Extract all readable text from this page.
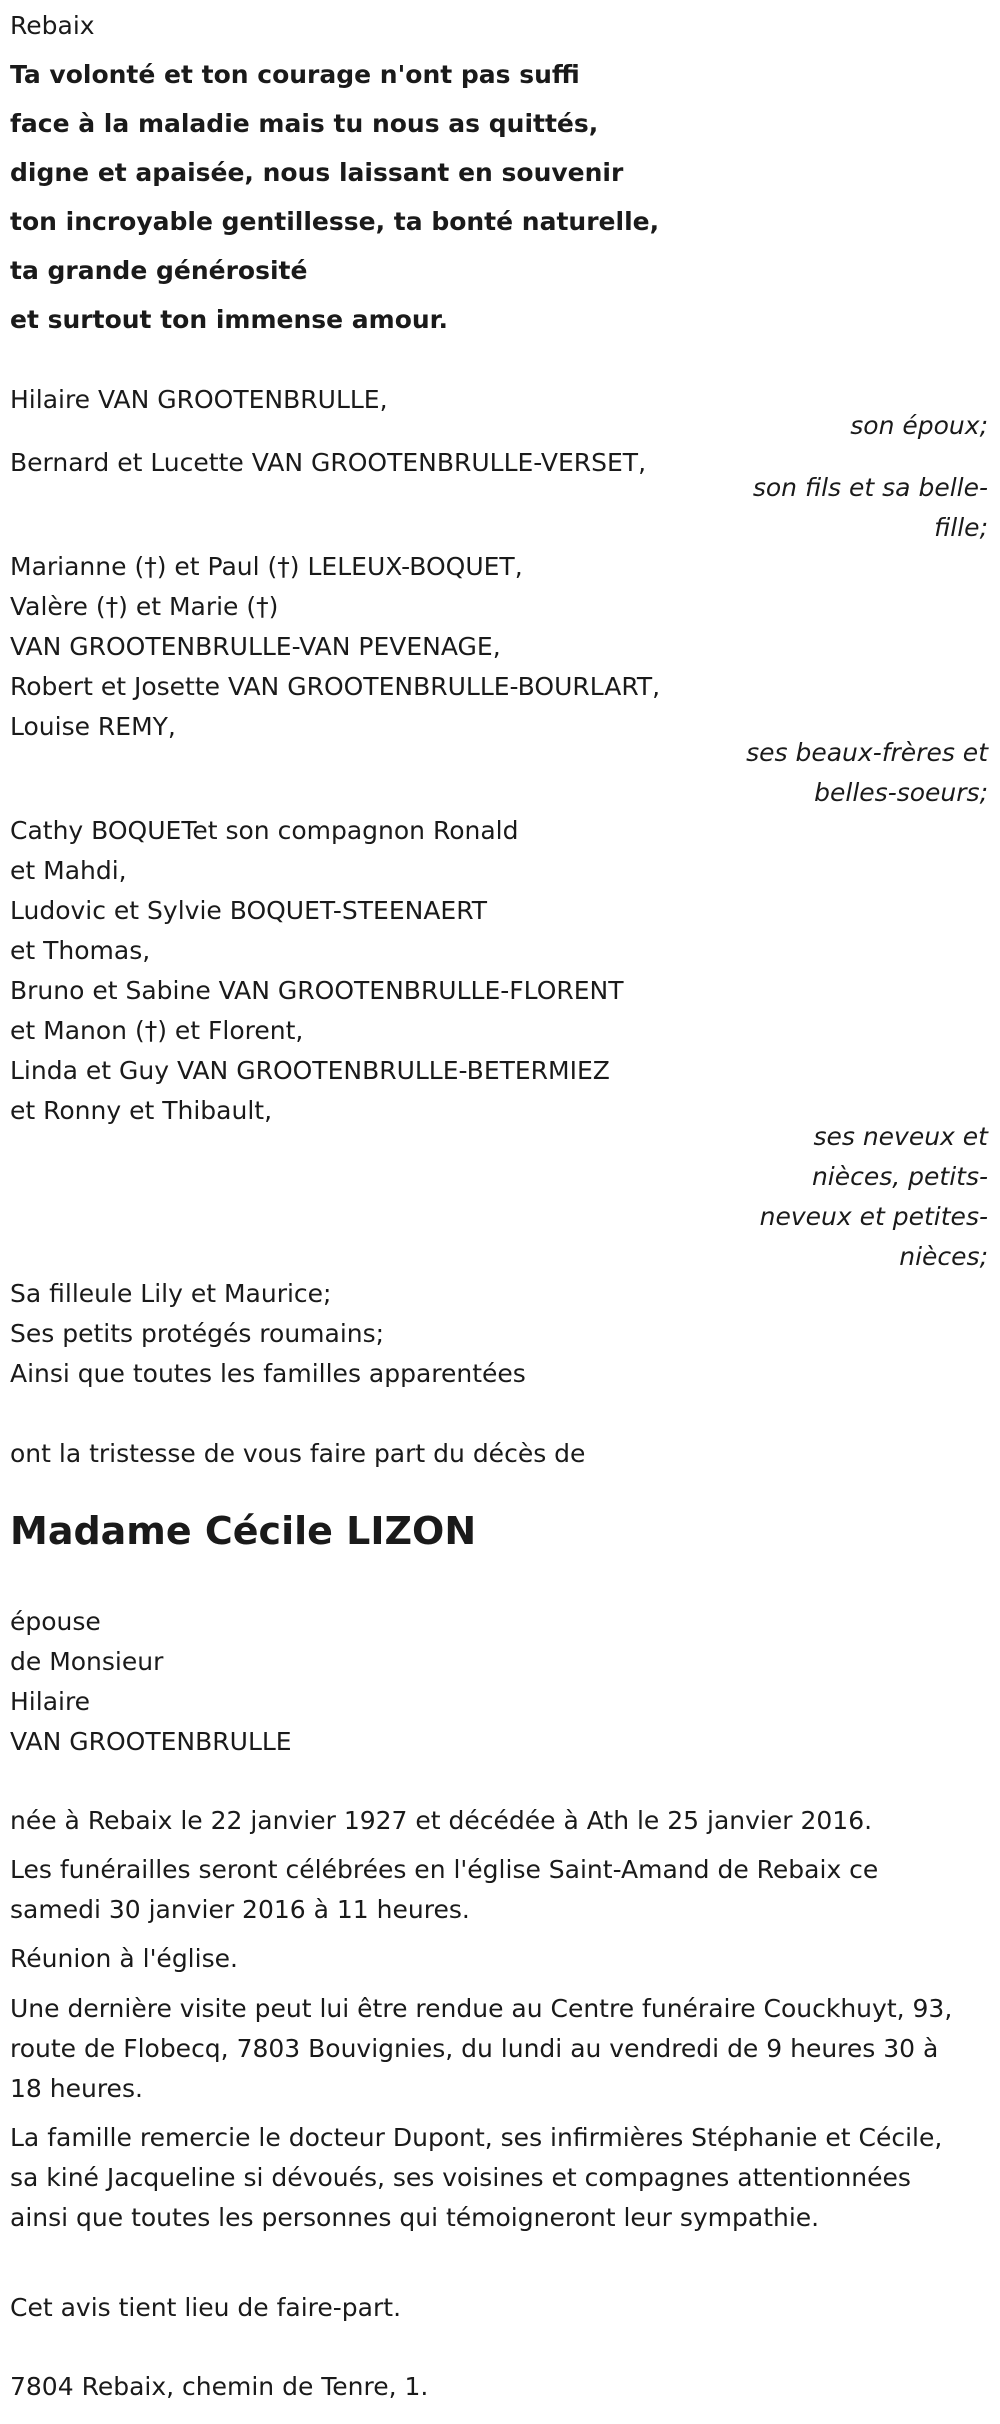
Rebaix
Ta volonté et ton courage n'ont pas suffi
face à la maladie mais tu nous as quittés,
digne et apaisée, nous laissant en souvenir
ton incroyable gentillesse, ta bonté naturelle,
ta grande générosité
et surtout ton immense amour.
Hilaire VAN GROOTENBRULLE,
son époux;
Bernard et Lucette VAN GROOTENBRULLE-VERSET,
son fils et sa belle-
fille;
Marianne (†) et Paul (†) LELEUX-BOQUET,
Valère (†) et Marie (†)
VAN GROOTENBRULLE-VAN PEVENAGE,
Robert et Josette VAN GROOTENBRULLE-BOURLART,
Louise REMY,
ses beaux-frères et
belles-soeurs;
Cathy BOQUETet son compagnon Ronald
et Mahdi,
Ludovic et Sylvie BOQUET-STEENAERT
et Thomas,
Bruno et Sabine VAN GROOTENBRULLE-FLORENT
et Manon (†) et Florent,
Linda et Guy VAN GROOTENBRULLE-BETERMIEZ
et Ronny et Thibault,
ses neveux et
nièces, petits-
neveux et petites-
nièces;
Sa filleule Lily et Maurice;
Ses petits protégés roumains;
Ainsi que toutes les familles apparentées
ont la tristesse de vous faire part du décès de
Madame Cécile LIZON
épouse
de Monsieur
Hilaire
VAN GROOTENBRULLE
née à Rebaix le 22 janvier 1927 et décédée à Ath le 25 janvier 2016.
Les funérailles seront célébrées en l'église Saint-Amand de Rebaix ce samedi 30 janvier 2016 à 11 heures.
Réunion à l'église.
Une dernière visite peut lui être rendue au Centre funéraire Couckhuyt, 93, route de Flobecq, 7803 Bouvignies, du lundi au vendredi de 9 heures 30 à 18 heures.
La famille remercie le docteur Dupont, ses infirmières Stéphanie et Cécile, sa kiné Jacqueline si dévoués, ses voisines et compagnes attentionnées ainsi que toutes les personnes qui témoigneront leur sympathie.
Cet avis tient lieu de faire-part.
7804 Rebaix, chemin de Tenre, 1.
